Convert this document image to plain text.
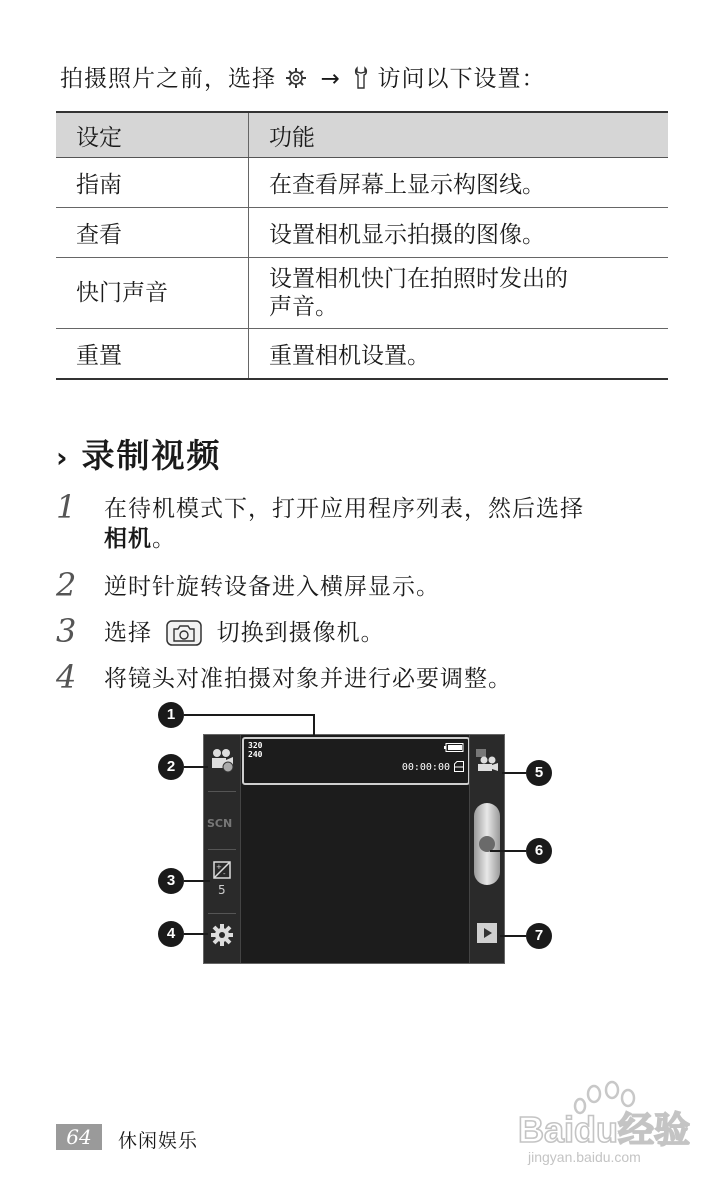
拍摄照片之前，选择 → 访问以下设置：
设定	功能
指南	在查看屏幕上显示构图线。
查看	设置相机显示拍摄的图像。
快门声音	设置相机快门在拍照时发出的
声音。
重置	重置相机设置。
› 录制视频
1 在待机模式下，打开应用程序列表，然后选择
相机。
2 逆时针旋转设备进入横屏显示。
3 选择	切换到摄像机。
4 将镜头对准拍摄对象并进行必要调整。
SCN
+
-
5
320
240
00:00:00
1
2
3
4
5
6
7
64	休闲娱乐	Baidu经验
jingyan.baidu.com
